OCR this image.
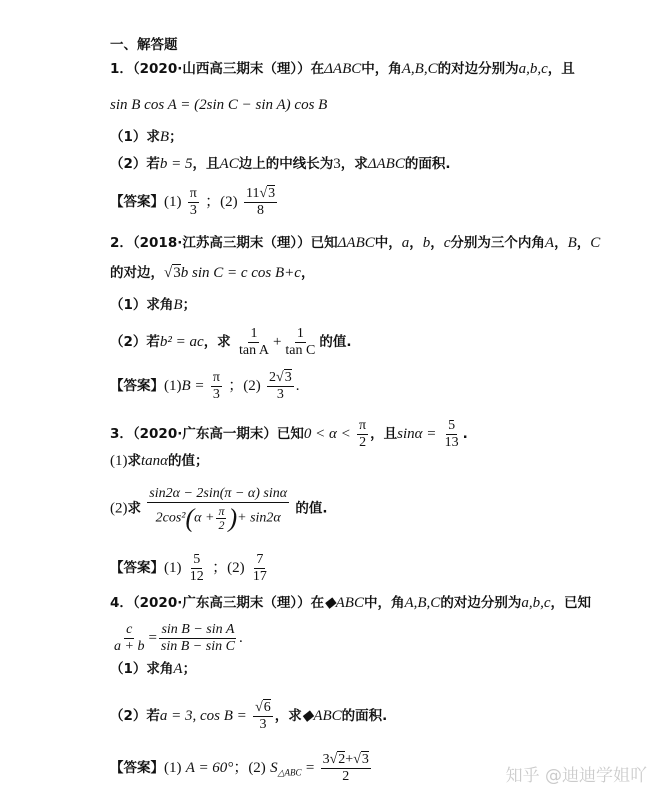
一、解答题
1．（2020·山西高三期末（理））在ΔABC中，角A,B,C的对边分别为a,b,c，且
sin B cos A = (2sin C − sin A) cos B
（1）求B；
（2）若b = 5，且AC边上的中线长为3，求ΔABC的面积.
【答案】$(1) \frac{\pi}{3}$ ；$(2) \frac{11√3}{8}$
2．（2018·江苏高三期末（理））已知ΔABC中，a，b，c分别为三个内角A，B，C
的对边，√3b sin C = c cos B+c，
（1）求角B；
（2）若b² = ac，求 $\frac{1}{\text{tan A}} + \frac{1}{\text{tan C}}$ 的值.
【答案】$(1)B = \frac{\pi}{3}$ ；$(2) \frac{2√3}{3}$ .
3．（2020·广东高一期末）已知$0 < \alpha < \frac{\pi}{2}$ ，且$\sin\alpha = \frac{5}{13}$ .
(1)求tanα的值；
(2)求 $\frac{\sin 2\alpha - 2\sin(\pi - \alpha) \sin\alpha}{2\cos^2(\alpha + \frac{\pi}{2} )+ \sin 2\alpha}$ 的值.
【答案】$(1) \frac{5}{12}$ ；$(2) \frac{7}{17}$
4．（2020·广东高三期末（理））在◆ABC中，角A,B,C的对边分别为a,b,c，已知
$\frac{c}{a + b} = \frac{\text{sin B − sin A}}{\text{sin B − sin C}}$ .
（1）求角A；
（2）若a = 3, $\cos B = \frac{√6}{3}$ ，求◆ABC的面积.
【答案】(1) A = 60°；(2) $S_{\triangle ABC} = \frac{3√2+√3}{2}$	知乎 @迪迪学姐吖
